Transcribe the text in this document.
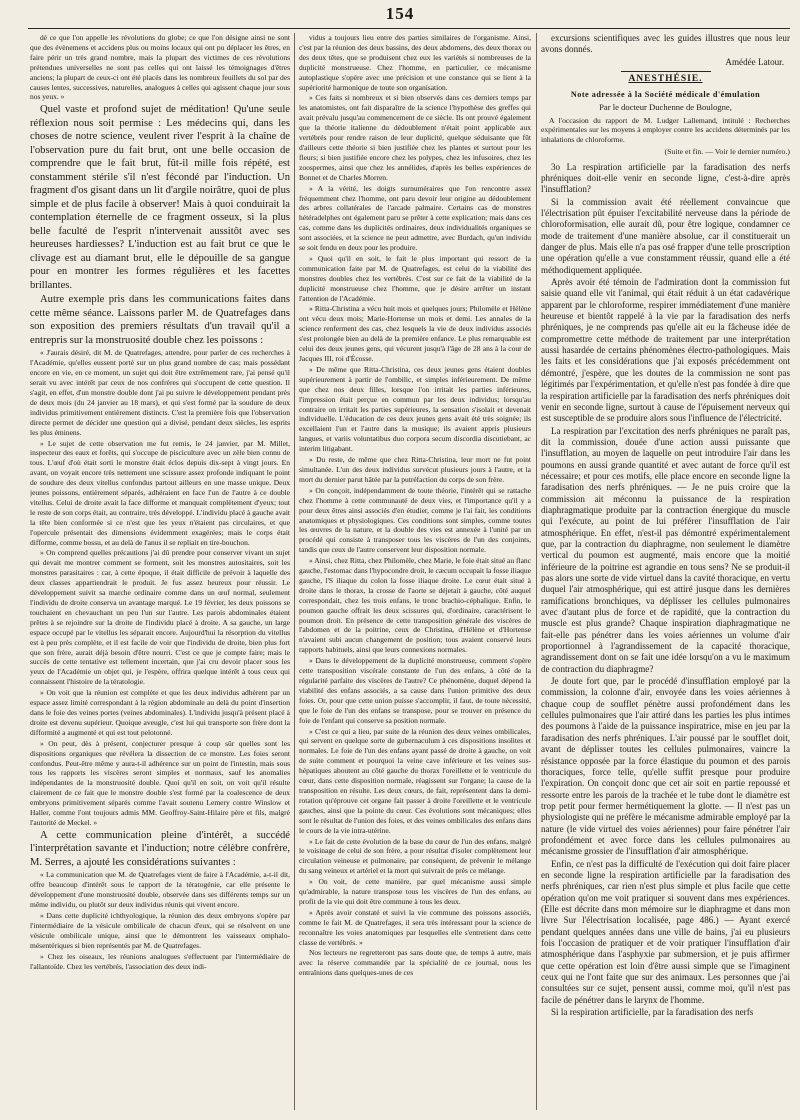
154

dé ce que l'on appelle les révolutions du globe; ce que l'on désigne ainsi ne sont que des évènemens et accidens plus ou moins locaux qui ont pu déplacer les êtres, en faire périr un très grand nombre, mais la plupart des victimes de ces révolutions prétendues universelles ne sont pas celles qui ont laissé les témoignages d'êtres anciens; la plupart de ceux-ci ont été placés dans les nombreux feuillets du sol par des causes lentes, successives, naturelles, analogues à celles qui agissent chaque jour sous nos yeux. »

Quel vaste et profond sujet de méditation! Qu'une seule réflexion nous soit permise : Les médecins qui, dans les choses de notre science, veulent river l'esprit à la chaîne de l'observation pure du fait brut, ont une belle occasion de comprendre que le fait brut, fût-il mille fois répété, est constamment stérile s'il n'est fécondé par l'induction. Un fragment d'os gisant dans un lit d'argile noirâtre, quoi de plus simple et de plus facile à observer! Mais à quoi conduirait la contemplation éternelle de ce fragment osseux, si la plus belle faculté de l'esprit n'intervenait aussitôt avec ses heureuses hardiesses? L'induction est au fait brut ce que le clivage est au diamant brut, elle le dépouille de sa gangue pour en montrer les formes régulières et les facettes brillantes.

Autre exemple pris dans les communications faites dans cette même séance. Laissons parler M. de Quatrefages dans son exposition des premiers résultats d'un travail qu'il a entrepris sur la monstruosité double chez les poissons :

« J'aurais désiré, dit M. de Quatrefages, attendre, pour parler de ces recherches à l'Académie, qu'elles eussent porté sur un plus grand nombre de cas; mais possédant encore en vie, en ce moment, un sujet qui doit être extrêmement rare, j'ai pensé qu'il serait vu avec intérêt par ceux de nos confrères qui s'occupent de cette question. Il s'agit, en effet, d'un monstre double dont j'ai pu suivre le développement pendant près de deux mois (du 24 janvier au 18 mars), et qui s'est formé par la soudure de deux individus primitivement entièrement distincts. C'est la première fois que l'observation directe permet de décider une question qui a divisé, pendant deux siècles, les esprits les plus éminens.

» Le sujet de cette observation me fut remis, le 24 janvier, par M. Millet, inspecteur des eaux et forêts, qui s'occupe de pisciculture avec un zèle bien connu de tous. L'œuf d'où était sorti le monstre était éclos depuis dix-sept à vingt jours. En avant, on voyait encore très nettement une scissure assez profonde indiquant le point de soudure des deux vitellus confondus partout ailleurs en une masse unique. Deux jeunes poissons, entièrement séparés, adhéraient en face l'un de l'autre à ce double vitellus. Celui de droite avait la face difforme et manquait complètement d'yeux; tout le reste de son corps était, au contraire, très développé. L'individu placé à gauche avait la tête bien conformée si ce n'est que les yeux n'étaient pas circulaires, et que l'opercule présentait des dimensions évidemment exagérées; mais le corps était difforme, comme bossu, et au delà de l'anus il se repliait en tire-bouchon.

» On comprend quelles précautions j'ai dû prendre pour conserver vivant un sujet qui devait me montrer comment se forment, soit les monstres autositaires, soit les monstres parasitaires : car, à cette époque, il était difficile de prévoir à laquelle des deux classes appartiendrait le produit. Je fus assez heureux pour réussir. Le développement suivit sa marche ordinaire comme dans un œuf normal, seulement l'individu de droite conserva un avantage marqué. Le 19 février, les deux poissons se touchaient en chevauchant un peu l'un sur l'autre. Les parois abdominales étaient prêtes à se rejoindre sur la droite de l'individu placé à droite. A sa gauche, un large espace occupé par le vitellus les séparait encore. Aujourd'hui la résorption du vitellus est à peu près complète, et il est facile de voir que l'individu de droite, bien plus fort que son frère, aurait déjà besoin d'être nourri. C'est ce que je compte faire; mais le succès de cette tentative est tellement incertain, que j'ai cru devoir placer sous les yeux de l'Académie un objet qui, je l'espère, offrira quelque intérêt à tous ceux qui connaissent l'histoire de la tératologie.

» On voit que la réunion est complète et que les deux individus adhèrent par un espace assez limité correspondant à la région abdominale au delà du point d'insertion dans le foie des veines portes (veines abdominales). L'individu jusqu'à présent placé à droite est devenu supérieur. Quoique aveugle, c'est lui qui transporte son frère dont la difformité a augmenté et qui est tout pelotonné.

» On peut, dès à présent, conjecturer presque à coup sûr quelles sont les dispositions organiques que révélera la dissection de ce monstre. Les foies seront confondus. Peut-être même y aura-t-il adhérence sur un point de l'intestin, mais sous tous les rapports les viscères seront simples et normaux, sauf les anomalies indépendantes de la monstruosité double. Quoi qu'il en soit, on voit qu'il résulte clairement de ce fait que le monstre double s'est formé par la coalescence de deux embryons primitivement séparés comme l'avait soutenu Lemery contre Winslow et Haller, comme l'ont toujours admis MM. Geoffroy-Saint-Hilaire père et fils, malgré l'autorité de Meckel. »

A cette communication pleine d'intérêt, a succédé l'interprétation savante et l'induction; notre célèbre confrère, M. Serres, a ajouté les considérations suivantes :

« La communication que M. de Quatrefages vient de faire à l'Académie, a-t-il dit, offre beaucoup d'intérêt sous le rapport de la tératogénie, car elle présente le développement d'une monstruosité double, observée dans ses différents temps sur un même individu, ou plutôt sur deux individus réunis qui vivent encore.

» Dans cette duplicité ichthyologique, la réunion des deux embryons s'opère par l'intermédiaire de la vésicule ombilicale de chacun d'eux, qui se résolvent en une vésicule ombilicale unique, ainsi que le démontrent les vaisseaux omphalo-mésentériques si bien représentés par M. de Quatrefages.

» Chez les oiseaux, les réunions analogues s'effectuent par l'intermédiaire de l'allantoïde. Chez les vertébrés, l'association des deux indi-

vidus a toujours lieu entre des parties similaires de l'organisme. Ainsi, c'est par la réunion des deux bassins, des deux abdomens, des deux thorax ou des deux têtes, que se produisent chez eux les variétés si nombreuses de la duplicité monstrueuse. Chez l'homme, en particulier, ce mécanisme autoplastique s'opère avec une précision et une constance qui se lient à la supériorité harmonique de toute son organisation.

» Ces faits si nombreux et si bien observés dans ces derniers temps par les anatomistes, ont fait disparaître de la science l'hypothèse des greffes qui avait prévalu jusqu'au commencement de ce siècle. Ils ont prouvé également que la théorie italienne du dédoublement n'était point applicable aux vertébrés pour rendre raison de leur duplicité, quelque séduisante que fût d'ailleurs cette théorie si bien justifiée chez les plantes et surtout pour les fleurs; si bien justifiée encore chez les polypes, chez les infusoires, chez les zoospermes, ainsi que chez les annélides, d'après les belles expériences de Bonnet et de Charles Morren.

» A la vérité, les doigts surnuméraires que l'on rencontre assez fréquemment chez l'homme, ont paru devoir leur origine au dédoublement des arbres collatérales de l'arcade palmaire. Certains cas de monstres hétéradelphes ont également paru se prêter à cette explication; mais dans ces cas, comme dans les duplicités ordinaires, deux individualités organiques se sont associées, et la science ne peut admettre, avec Burdach, qu'un individu se soit fendu en deux pour les produire.

» Quoi qu'il en soit, le fait le plus important qui ressort de la communication faite par M. de Quatrefages, est celui de la viabilité des monstres doubles chez les vertébrés. C'est sur ce fait de la viabilité de la duplicité monstrueuse chez l'homme, que je désire arrêter un instant l'attention de l'Académie.

» Ritta-Christina a vécu huit mois et quelques jours; Philomèle et Hélène ont vécu deux mois; Marie-Hortense un mois et demi. Les annales de la science renferment des cas, chez lesquels la vie de deux individus associés s'est prolongée bien au delà de la première enfance. Le plus remarquable est celui des deux jeunes gens, qui vécurent jusqu'à l'âge de 28 ans à la cour de Jacques III, roi d'Écosse.

» De même que Ritta-Christina, ces deux jeunes gens étaient doubles supérieurement à partir de l'ombilic, et simples inférieurement. De même que chez nos deux filles, lorsque l'on irritait les parties inférieures, l'impression était perçue en commun par les deux individus; lorsqu'au contraire on irritait les parties supérieures, la sensation s'isolait et devenait individuelle. L'éducation de ces deux jeunes gens avait été très soignée; ils excellaient l'un et l'autre dans la musique; ils avaient appris plusieurs langues, et variis voluntatibus duo corpora secum discordia discutiebant, ac interim litigabant.

» Du reste, de même que chez Ritta-Christina, leur mort ne fut point simultanée. L'un des deux individus survécut plusieurs jours à l'autre, et la mort du dernier parut hâtée par la putréfaction du corps de son frère.

» On conçoit, indépendamment de toute théorie, l'intérêt qui se rattache chez l'homme à cette communauté de deux vies, et l'importance qu'il y a pour deux êtres ainsi associés d'en étudier, comme je l'ai fait, les conditions anatomiques et physiologiques. Ces conditions sont simples, comme toutes les œuvres de la nature, et la double des vies est annexée à l'unité par un procédé qui consiste à transposer tous les viscères de l'un des conjoints, tandis que ceux de l'autre conservent leur disposition normale.

» Ainsi, chez Ritta, chez Philomèle, chez Marie, le foie était situé au flanc gauche, l'estomac dans l'hypocondre droit, le cæcum occupait la fosse iliaque gauche, l'S iliaque du colon la fosse iliaque droite. Le cœur était situé à droite dans le thorax, la crosse de l'aorte se déjetait à gauche, côté auquel correspondait, chez les trois enfans, le tronc brachio-céphalique. Enfin, le poumon gauche offrait les deux scissures qui, d'ordinaire, caractérisent le poumon droit. En présence de cette transposition générale des viscères de l'abdomen et de la poitrine, ceux de Christina, d'Hélène et d'Hortense n'avaient subi aucun changement de position; tous avaient conservé leurs rapports habituels, ainsi que leurs connexions normales.

» Dans le développement de la duplicité monstrueuse, comment s'opère cette transposition viscérale constante de l'un des enfans, à côté de la régularité parfaite des viscères de l'autre? Ce phénomène, duquel dépend la viabilité des enfans associés, a sa cause dans l'union primitive des deux foies. Or, pour que cette union puisse s'accomplir, il faut, de toute nécessité, que le foie de l'un des enfans se transpose, pour se trouver en présence du foie de l'enfant qui conserve sa position normale.

» C'est ce qui a lieu, par suite de la réunion des deux veines ombilicales, qui servent en quelque sorte de gubernaculum à ces dispositions insolites et normales. Le foie de l'un des enfans ayant passé de droite à gauche, on voit de suite comment et pourquoi la veine cave inférieure et les veines sus-hépatiques aboutent au côté gauche du thorax l'oreillette et le ventricule du cœur, dans cette disposition normale, réagissent sur l'organe; la cause de la transposition en résulte. Les deux cœurs, de fait, représentent dans la demi-rotation qu'éprouve cet organe fait passer à droite l'oreillette et le ventricule gauches, ainsi que la pointe du cœur. Ces évolutions sont mécaniques; elles sont le résultat de l'union des foies, et des veines ombilicales des enfans dans le cours de la vie intra-utérine.

» Le fait de cette évolution de la base du cœur de l'un des enfans, malgré le voisinage de celui de son frère, a pour résultat d'isoler complètement leur circulation veineuse et pulmonaire, par conséquent, de prévenir le mélange du sang veineux et artériel et la mort qui suivrait de près ce mélange.

» On voit, de cette manière, par quel mécanisme aussi simple qu'admirable, la nature transpose tous les viscères de l'un des enfans, au profit de la vie qui doit être commune à tous les deux.

» Après avoir constaté et suivi la vie commune des poissons associés, comme le fait M. de Quatrefages, il sera très intéressant pour la science de reconnaître les voies anatomiques par lesquelles elle s'entretient dans cette classe de vertébrés. »

Nos lecteurs ne regretteront pas sans doute que, de temps à autre, mais avec la réserve commandée par la spécialité de ce journal, nous les entraînions dans quelques-unes de ces

excursions scientifiques avec les guides illustres que nous leur avons donnés.

Amédée Latour.

ANESTHÉSIE.

Note adressée à la Société médicale d'émulation

Par le docteur Duchenne de Boulogne,

A l'occasion du rapport de M. Ludger Lallemand, intitulé : Recherches expérimentales sur les moyens à employer contre les accidens déterminés par les inhalations de chloroforme.

(Suite et fin. — Voir le dernier numéro.)

3o La respiration artificielle par la faradisation des nerfs phréniques doit-elle venir en seconde ligne, c'est-à-dire après l'insufflation?

Si la commission avait été réellement convaincue que l'électrisation pût épuiser l'excitabilité nerveuse dans la période de chloroformisation, elle aurait dû, pour être logique, condamner ce mode de traitement d'une manière absolue, car il constituerait un danger de plus. Mais elle n'a pas osé frapper d'une telle proscription une opération qu'elle a vue constamment réussir, quand elle a été méthodiquement appliquée.

Après avoir été témoin de l'admiration dont la commission fut saisie quand elle vit l'animal, qui était réduit à un état cadavérique apparent par le chloroforme, respirer immédiatement d'une manière heureuse et bientôt rappelé à la vie par la faradisation des nerfs phréniques, je ne comprends pas qu'elle ait eu la fâcheuse idée de compromettre cette méthode de traitement par une interprétation aussi hasardée de certains phénomènes électro-pathologiques. Mais les faits et les considérations que j'ai exposés précédemment ont démontré, j'espère, que les doutes de la commission ne sont pas légitimés par l'expérimentation, et qu'elle n'est pas fondée à dire que la respiration artificielle par la faradisation des nerfs phréniques doit venir en seconde ligne, surtout à cause de l'épuisement nerveux qui est susceptible de se produire alors sous l'influence de l'électricité.

La respiration par l'excitation des nerfs phréniques ne paraît pas, dit la commission, douée d'une action aussi puissante que l'insufflation, au moyen de laquelle on peut introduire l'air dans les poumons en aussi grande quantité et avec autant de force qu'il est nécessaire; et pour ces motifs, elle place encore en seconde ligne la faradisation des nerfs phréniques. — Je ne puis croire que la commission ait méconnu la puissance de la respiration diaphragmatique produite par la contraction énergique du muscle qui l'exécute, au point de lui préférer l'insufflation de l'air atmosphérique. En effet, n'est-il pas démontré expérimentalement que, par la contraction du diaphragme, non seulement le diamètre vertical du poumon est augmenté, mais encore que la moitié inférieure de la poitrine est agrandie en tous sens? Ne se produit-il pas alors une sorte de vide virtuel dans la cavité thoracique, en vertu duquel l'air atmosphérique, qui est attiré jusque dans les dernières ramifications bronchiques, va déplisser les cellules pulmonaires avec d'autant plus de force et de rapidité, que la contraction du muscle est plus grande? Chaque inspiration diaphragmatique ne fait-elle pas pénétrer dans les voies aériennes un volume d'air proportionnel à l'agrandissement de la capacité thoracique, agrandissement dont on se fait une idée lorsqu'on a vu le maximum de contraction du diaphragme?

Je doute fort que, par le procédé d'insufflation employé par la commission, la colonne d'air, envoyée dans les voies aériennes à chaque coup de soufflet pénètre aussi profondément dans les cellules pulmonaires que l'air attiré dans les parties les plus intimes des poumons à l'aide de la puissance inspiratrice, mise en jeu par la faradisation des nerfs phréniques. L'air poussé par le soufflet doit, avant de déplisser toutes les cellules pulmonaires, vaincre la résistance opposée par la force élastique du poumon et des parois thoraciques, force telle, qu'elle suffit presque pour produire l'expiration. On conçoit donc que cet air soit en partie repoussé et ressorte entre les parois de la trachée et le tube dont le diamètre est trop petit pour fermer hermétiquement la glotte. — Il n'est pas un physiologiste qui ne préfère le mécanisme admirable employé par la nature (le vide virtuel des voies aériennes) pour faire pénétrer l'air profondément et avec force dans les cellules pulmonaires au mécanisme grossier de l'insufflation d'air atmosphérique.

Enfin, ce n'est pas la difficulté de l'exécution qui doit faire placer en seconde ligne la respiration artificielle par la faradisation des nerfs phréniques, car rien n'est plus simple et plus facile que cette opération qu'on me voit pratiquer si souvent dans mes expériences. (Elle est décrite dans mon mémoire sur le diaphragme et dans mon livre Sur l'électrisation localisée, page 486.) — Ayant exercé pendant quelques années dans une ville de bains, j'ai eu plusieurs fois l'occasion de pratiquer et de voir pratiquer l'insufflation d'air atmosphérique dans l'asphyxie par submersion, et je puis affirmer que cette opération est loin d'être aussi simple que se l'imaginent ceux qui ne l'ont faite que sur des animaux. Les personnes que j'ai consultées sur ce sujet, pensent aussi, comme moi, qu'il n'est pas facile de pénétrer dans le larynx de l'homme.

Si la respiration artificielle, par la faradisation des nerfs
